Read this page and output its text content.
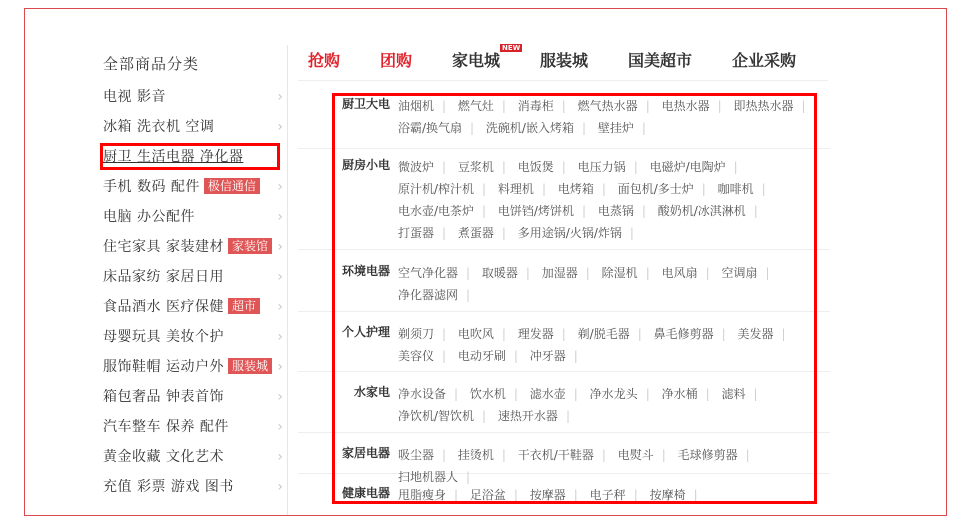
全部商品分类
电视 影音	›
冰箱 洗衣机 空调	›
厨卫 生活电器 净化器
手机 数码 配件 极信通信 ›
电脑 办公配件	›
住宅家具 家装建材 家装馆 ›
床品家纺 家居日用	›
食品酒水 医疗保健 超市 ›
母婴玩具 美妆个护	›
服饰鞋帽 运动户外 服装城 ›
箱包奢品 钟表首饰	›
汽车整车 保养 配件	›
黄金收藏 文化艺术	›
充值 彩票 游戏 图书	›
抢购 团购 家电城 服装城 国美超市 企业采购
NEW
厨卫大电 油烟机 | 燃气灶 | 消毒柜 | 燃气热水器 | 电热水器 | 即热热水器 | 浴霸/换气扇 | 洗碗机/嵌入烤箱 | 壁挂炉 |
厨房小电 微波炉 | 豆浆机 | 电饭煲 | 电压力锅 | 电磁炉/电陶炉 | 原汁机/榨汁机 | 料理机 | 电烤箱 | 面包机/多士炉 | 咖啡机 | 电水壶/电茶炉 | 电饼铛/烤饼机 | 电蒸锅 | 酸奶机/冰淇淋机 | 打蛋器 | 煮蛋器 | 多用途锅/火锅/炸锅 |
环境电器 空气净化器 | 取暖器 | 加湿器 | 除湿机 | 电风扇 | 空调扇 | 净化器滤网 |
个人护理 剃须刀 | 电吹风 | 理发器 | 剃/脱毛器 | 鼻毛修剪器 | 美发器 | 美容仪 | 电动牙刷 | 冲牙器 |
水家电 净水设备 | 饮水机 | 滤水壶 | 净水龙头 | 净水桶 | 滤料 | 净饮机/智饮机 | 速热开水器 |
家居电器 吸尘器 | 挂烫机 | 干衣机/干鞋器 | 电熨斗 | 毛球修剪器 | 扫地机器人 |
健康电器 甩脂瘦身 | 足浴盆 | 按摩器 | 电子秤 | 按摩椅 |
